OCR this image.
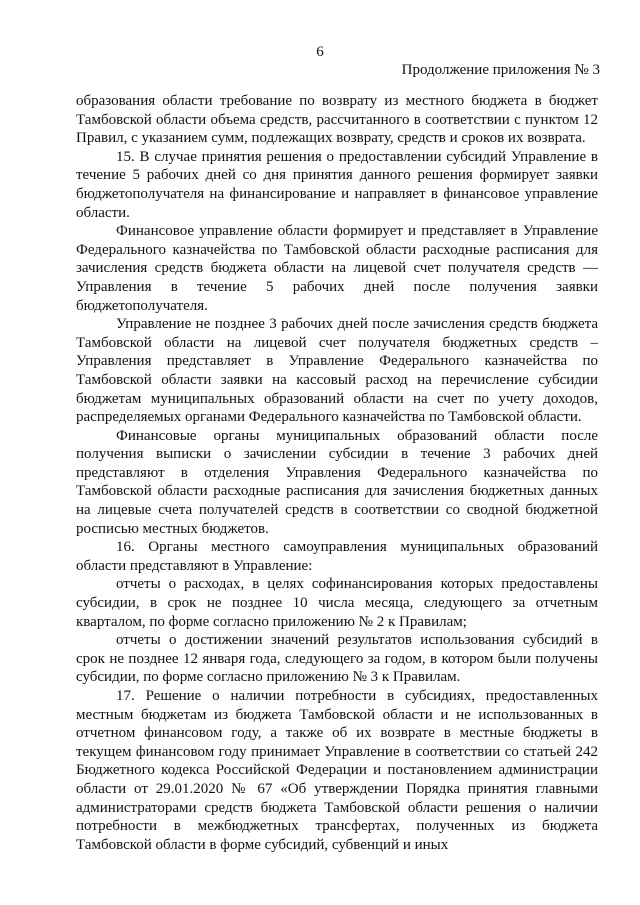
6
Продолжение приложения № 3

образования области требование по возврату из местного бюджета в бюджет Тамбовской области объема средств, рассчитанного в соответствии с пунктом 12 Правил, с указанием сумм, подлежащих возврату, средств и сроков их возврата.

15. В случае принятия решения о предоставлении субсидий Управление в течение 5 рабочих дней со дня принятия данного решения формирует заявки бюджетополучателя на финансирование и направляет в финансовое управление области.

Финансовое управление области формирует и представляет в Управление Федерального казначейства по Тамбовской области расходные расписания для зачисления средств бюджета области на лицевой счет получателя средств — Управления в течение 5 рабочих дней после получения заявки бюджетополучателя.

Управление не позднее 3 рабочих дней после зачисления средств бюджета Тамбовской области на лицевой счет получателя бюджетных средств – Управления представляет в Управление Федерального казначейства по Тамбовской области заявки на кассовый расход на перечисление субсидии бюджетам муниципальных образований области на счет по учету доходов, распределяемых органами Федерального казначейства по Тамбовской области.

Финансовые органы муниципальных образований области после получения выписки о зачислении субсидии в течение 3 рабочих дней представляют в отделения Управления Федерального казначейства по Тамбовской области расходные расписания для зачисления бюджетных данных на лицевые счета получателей средств в соответствии со сводной бюджетной росписью местных бюджетов.

16. Органы местного самоуправления муниципальных образований области представляют в Управление:

отчеты о расходах, в целях софинансирования которых предоставлены субсидии, в срок не позднее 10 числа месяца, следующего за отчетным кварталом, по форме согласно приложению № 2 к Правилам;

отчеты о достижении значений результатов использования субсидий в срок не позднее 12 января года, следующего за годом, в котором были получены субсидии, по форме согласно приложению № 3 к Правилам.

17. Решение о наличии потребности в субсидиях, предоставленных местным бюджетам из бюджета Тамбовской области и не использованных в отчетном финансовом году, а также об их возврате в местные бюджеты в текущем финансовом году принимает Управление в соответствии со статьей 242 Бюджетного кодекса Российской Федерации и постановлением администрации области от 29.01.2020 № 67 «Об утверждении Порядка принятия главными администраторами средств бюджета Тамбовской области решения о наличии потребности в межбюджетных трансфертах, полученных из бюджета Тамбовской области в форме субсидий, субвенций и иных
